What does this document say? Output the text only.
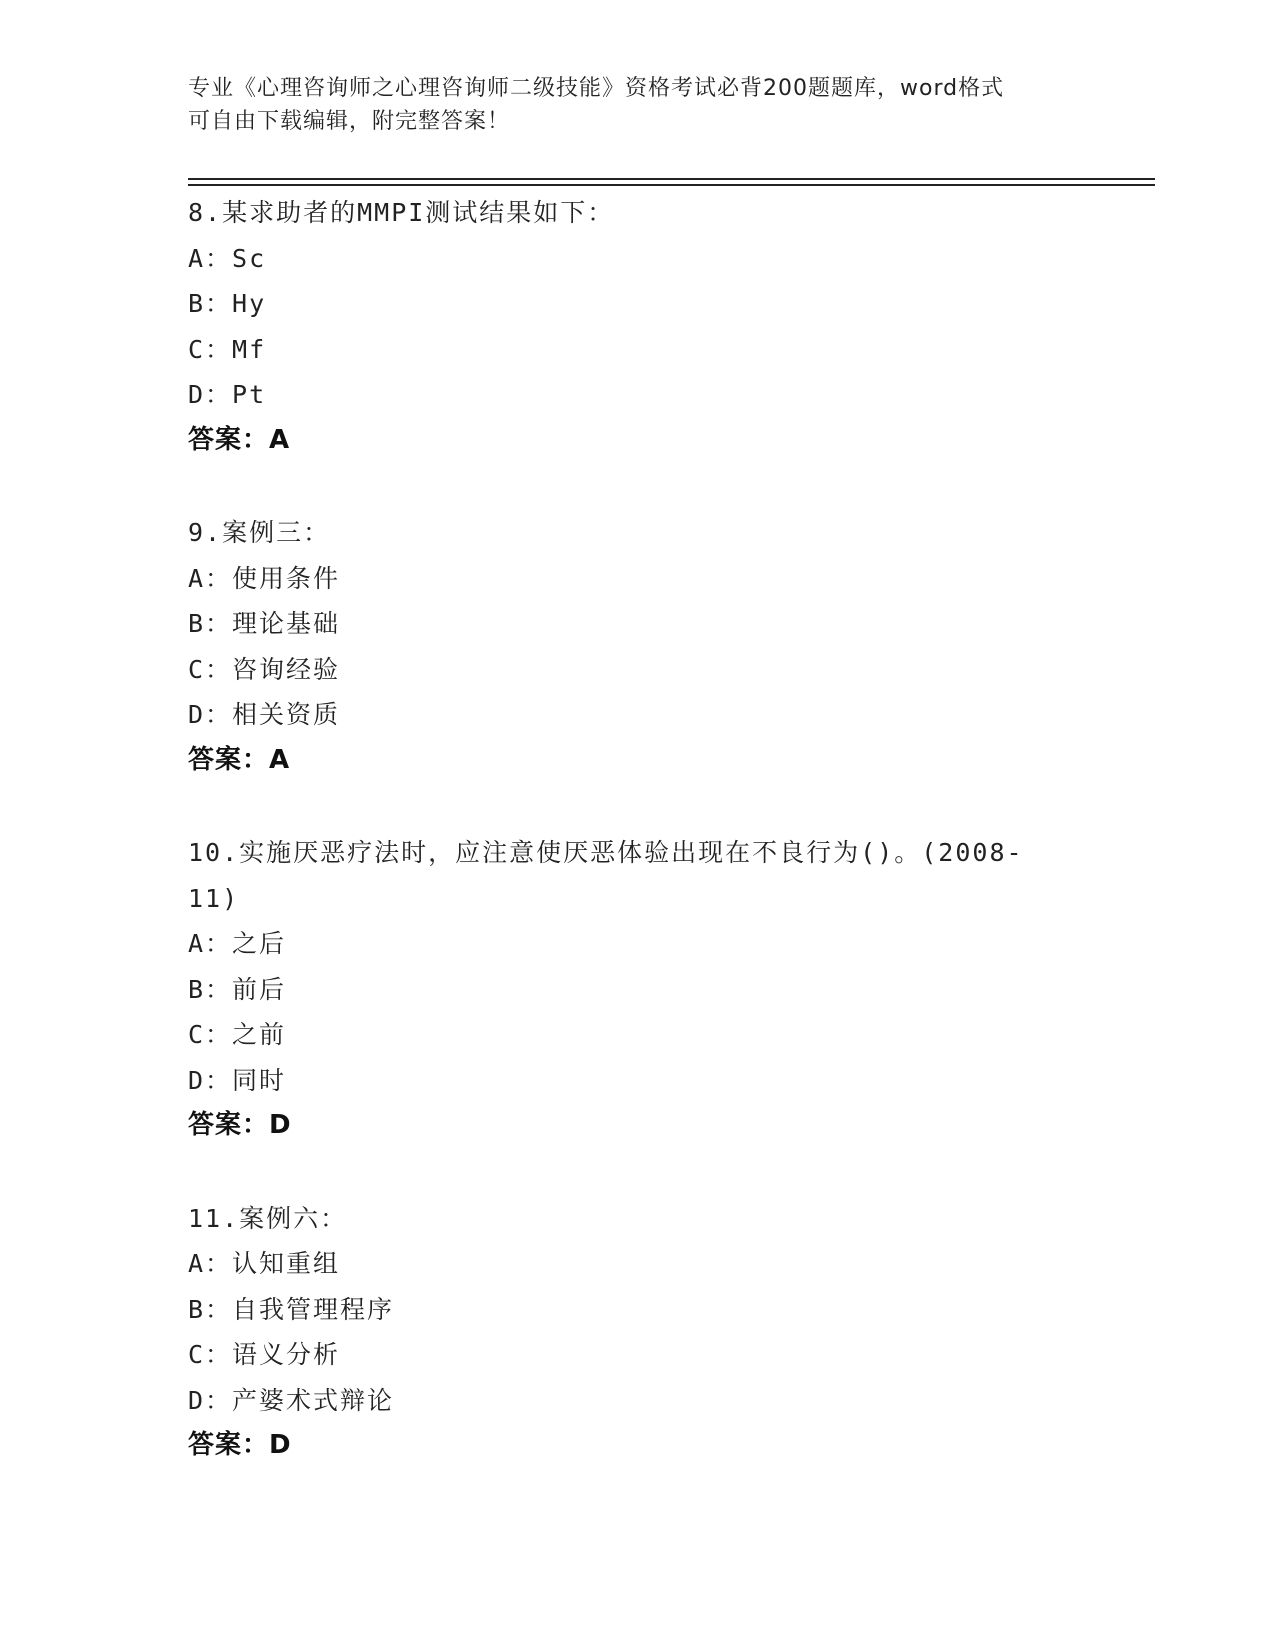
专业《心理咨询师之心理咨询师二级技能》资格考试必背200题题库，word格式
可自由下载编辑，附完整答案！
8.某求助者的MMPI测试结果如下：
A：Sc
B：Hy
C：Mf
D：Pt
答案：A
9.案例三：
A：使用条件
B：理论基础
C：咨询经验
D：相关资质
答案：A
10.实施厌恶疗法时，应注意使厌恶体验出现在不良行为()。(2008-11)
A：之后
B：前后
C：之前
D：同时
答案：D
11.案例六：
A：认知重组
B：自我管理程序
C：语义分析
D：产婆术式辩论
答案：D
